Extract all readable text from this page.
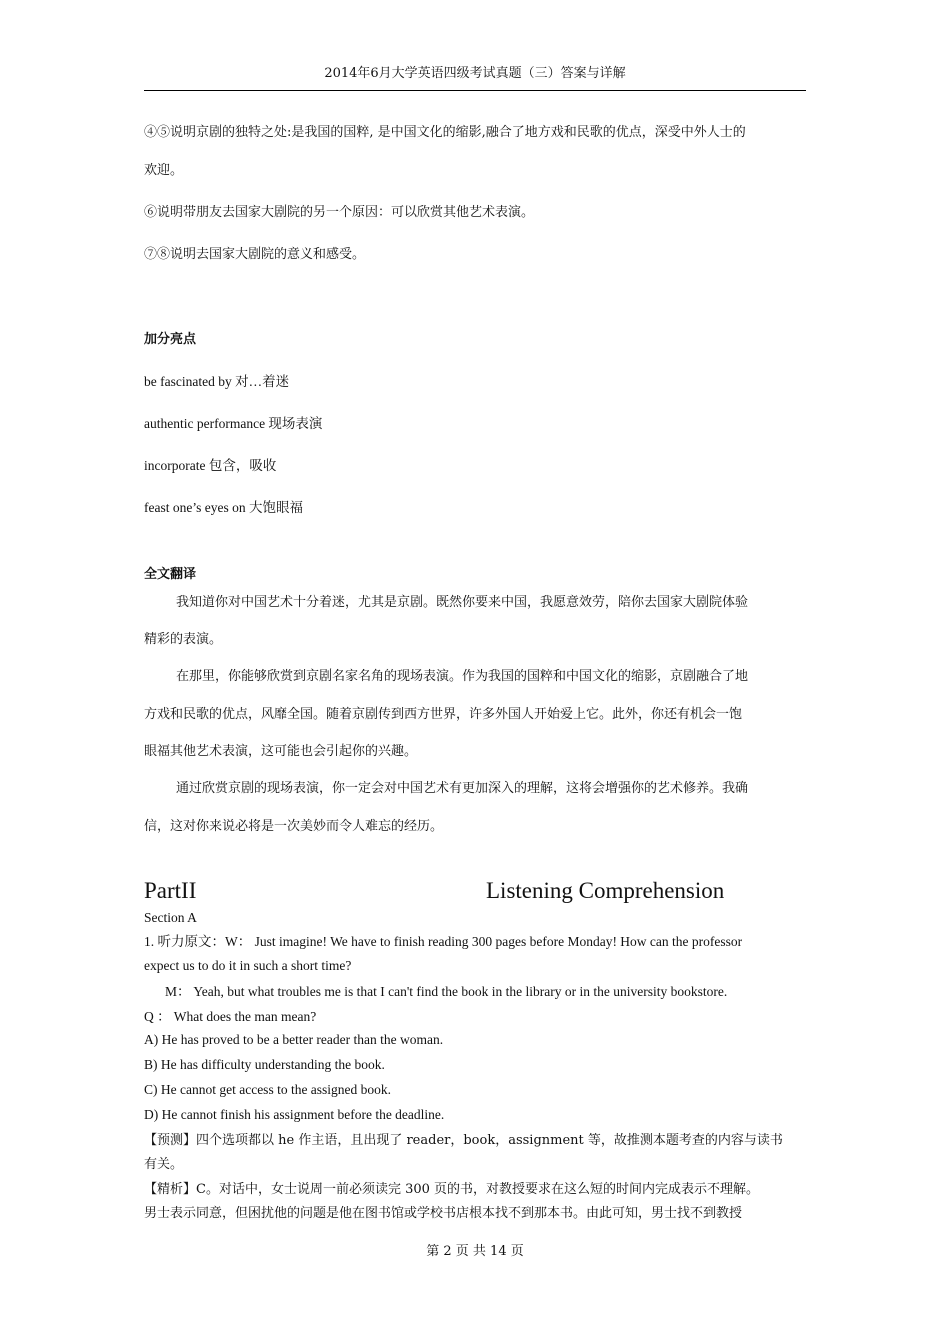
2014年6月大学英语四级考试真题（三）答案与详解
④⑤说明京剧的独特之处:是我国的国粹, 是中国文化的缩影,融合了地方戏和民歌的优点，深受中外人士的
欢迎。
⑥说明带朋友去国家大剧院的另一个原因：可以欣赏其他艺术表演。
⑦⑧说明去国家大剧院的意义和感受。
加分亮点
be fascinated by 对…着迷
authentic performance 现场表演
incorporate 包含，吸收
feast one’s eyes on 大饱眼福
全文翻译
我知道你对中国艺术十分着迷，尤其是京剧。既然你要来中国，我愿意效劳，陪你去国家大剧院体验
精彩的表演。
在那里，你能够欣赏到京剧名家名角的现场表演。作为我国的国粹和中国文化的缩影，京剧融合了地
方戏和民歌的优点，风靡全国。随着京剧传到西方世界，许多外国人开始爱上它。此外，你还有机会一饱
眼福其他艺术表演，这可能也会引起你的兴趣。
通过欣赏京剧的现场表演，你一定会对中国艺术有更加深入的理解，这将会增强你的艺术修养。我确
信，这对你来说必将是一次美妙而令人难忘的经历。
PartII	Listening Comprehension
Section A
1. 听力原文：W： Just imagine! We have to finish reading 300 pages before Monday! How can the professor
expect us to do it in such a short time?
M： Yeah, but what troubles me is that I can't find the book in the library or in the university bookstore.
Q ： What does the man mean?
A) He has proved to be a better reader than the woman.
B) He has difficulty understanding the book.
C) He cannot get access to the assigned book.
D) He cannot finish his assignment before the deadline.
【预测】四个选项都以 he 作主语，且出现了 reader，book，assignment 等，故推测本题考查的内容与读书
有关。
【精析】C。对话中，女士说周一前必须读完 300 页的书，对教授要求在这么短的时间内完成表示不理解。
男士表示同意，但困扰他的问题是他在图书馆或学校书店根本找不到那本书。由此可知，男士找不到教授
第 2 页 共 14 页
